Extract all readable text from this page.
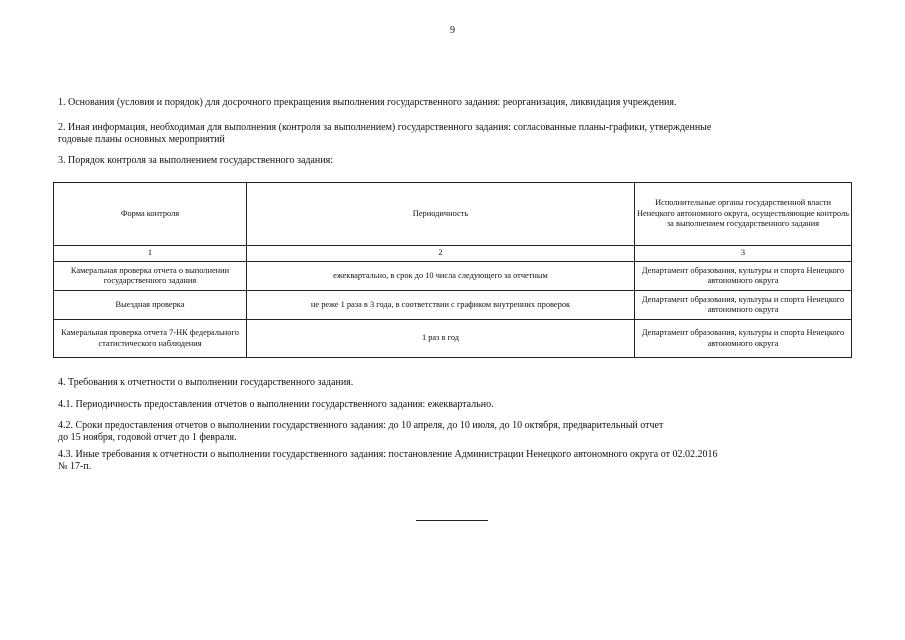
9
1. Основания (условия и порядок) для досрочного прекращения выполнения государственного задания: реорганизация, ликвидация учреждения.
2. Иная информация, необходимая для выполнения (контроля за выполнением) государственного задания: согласованные планы-графики, утвержденные
годовые планы основных мероприятий
3. Порядок контроля за выполнением государственного задания:
Форма контроля	Периодичность	Исполнительные органы государственной власти Ненецкого автономного округа, осуществляющие контроль за выполнением государственного задания
1	2	3
Камеральная проверка отчета о выполнении государственного задания	ежеквартально, в срок до 10 числа следующего за отчетным	Департамент образования, культуры и спорта Ненецкого автономного округа
Выездная проверка	не реже 1 раза в 3 года, в соответствии с графиком внутренних проверок	Департамент образования, культуры и спорта Ненецкого автономного округа
Камеральная проверка отчета 7-НК федерального статистического наблюдения	1 раз в год	Департамент образования, культуры и спорта Ненецкого автономного округа
4. Требования к отчетности о выполнении государственного задания.
4.1. Периодичность предоставления отчетов о выполнении государственного задания: ежеквартально.
4.2. Сроки предоставления отчетов о выполнении государственного задания: до 10 апреля, до 10 июля, до 10 октября, предварительный отчет
до 15 ноября, годовой отчет до 1 февраля.
4.3. Иные требования к отчетности о выполнении государственного задания: постановление Администрации Ненецкого автономного округа от 02.02.2016
№ 17-п.
